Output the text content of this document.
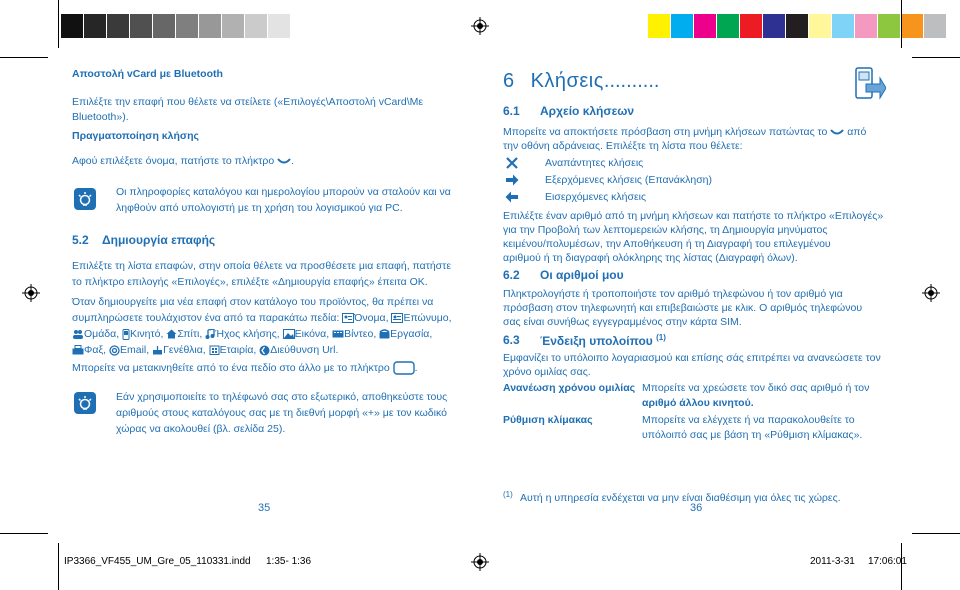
Αποστολή vCard με Bluetooth
Επιλέξτε την επαφή που θέλετε να στείλετε («Επιλογές\Αποστολή vCard\Με
Bluetooth»).
Πραγματοποίηση κλήσης
Αφού επιλέξετε όνομα, πατήστε το πλήκτρο .
Οι πληροφορίες καταλόγου και ημερολογίου μπορούν να σταλούν και να
ληφθούν από υπολογιστή με τη χρήση του λογισμικού για PC.
5.2 Δημιουργία επαφής
Επιλέξτε τη λίστα επαφών, στην οποία θέλετε να προσθέσετε μια επαφή, πατήστε
το πλήκτρο επιλογής «Επιλογές», επιλέξτε «Δημιουργία επαφής» έπειτα OK.
Όταν δημιουργείτε μια νέα επαφή στον κατάλογο του προϊόντος, θα πρέπει να
συμπληρώσετε τουλάχιστον ένα από τα παρακάτω πεδία: Όνομα, Επώνυμο,
Ομάδα, Κινητό, Σπίτι, Ήχος κλήσης, Εικόνα, Βίντεο, Εργασία,
Φαξ, Email, Γενέθλια, Εταιρία, Διεύθυνση Url.
Μπορείτε να μετακινηθείτε από το ένα πεδίο στο άλλο με το πλήκτρο .
Εάν χρησιμοποιείτε το τηλέφωνό σας στο εξωτερικό, αποθηκεύστε τους
αριθμούς στους καταλόγους σας με τη διεθνή μορφή «+» με τον κωδικό
χώρας να ακολουθεί (βλ. σελίδα 25).
35
6 Κλήσεις..........
6.1 Αρχείο κλήσεων
Μπορείτε να αποκτήσετε πρόσβαση στη μνήμη κλήσεων πατώντας το από
την οθόνη αδράνειας. Επιλέξτε τη λίστα που θέλετε:
Αναπάντητες κλήσεις
Εξερχόμενες κλήσεις (Επανάκληση)
Εισερχόμενες κλήσεις
Επιλέξτε έναν αριθμό από τη μνήμη κλήσεων και πατήστε το πλήκτρο «Επιλογές»
για την Προβολή των λεπτομερειών κλήσης, τη Δημιουργία μηνύματος
κειμένου/πολυμέσων, την Αποθήκευση ή τη Διαγραφή του επιλεγμένου
αριθμού ή τη διαγραφή ολόκληρης της λίστας (Διαγραφή όλων).
6.2 Οι αριθμοί μου
Πληκτρολογήστε ή τροποποιήστε τον αριθμό τηλεφώνου ή τον αριθμό για
πρόσβαση στον τηλεφωνητή και επιβεβαιώστε με κλικ. Ο αριθμός τηλεφώνου
σας είναι συνήθως εγγεγραμμένος στην κάρτα SIM.
6.3 Ένδειξη υπολοίπου $^{(1)}$
Εμφανίζει το υπόλοιπο λογαριασμού και επίσης σάς επιτρέπει να ανανεώσετε τον
χρόνο ομιλίας σας.
Ανανέωση χρόνου ομιλίας Μπορείτε να χρεώσετε τον δικό σας αριθμό ή τον
αριθμό άλλου κινητού.
Ρύθμιση κλίμακας	Μπορείτε να ελέγχετε ή να παρακολουθείτε το
υπόλοιπό σας με βάση τη «Ρύθμιση κλίμακας».
(1) Αυτή η υπηρεσία ενδέχεται να μην είναι διαθέσιμη για όλες τις χώρες.
36
IP3366_VF455_UM_Gre_05_110331.indd 1:35- 1:36	2011-3-31 17:06:01
